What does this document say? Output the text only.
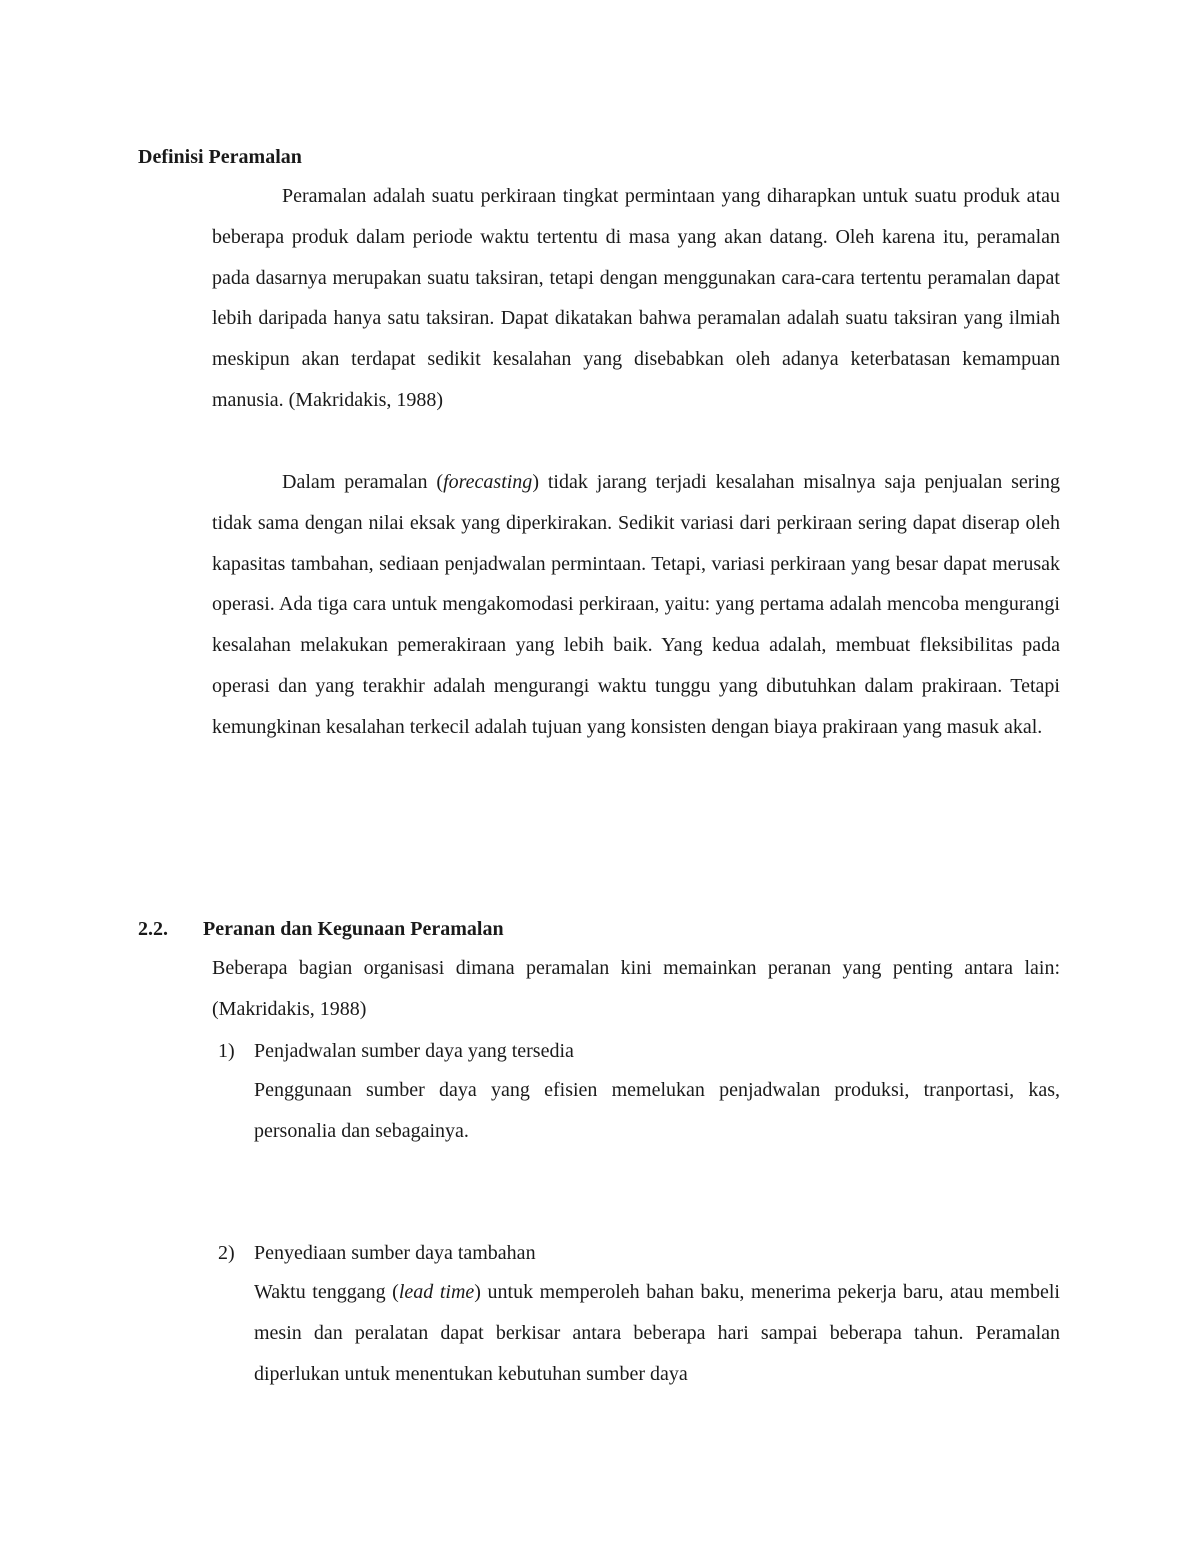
Definisi Peramalan

Peramalan adalah suatu perkiraan tingkat permintaan yang diharapkan untuk suatu produk atau beberapa produk dalam periode waktu tertentu di masa yang akan datang. Oleh karena itu, peramalan pada dasarnya merupakan suatu taksiran, tetapi dengan menggunakan cara-cara tertentu peramalan dapat lebih daripada hanya satu taksiran. Dapat dikatakan bahwa peramalan adalah suatu taksiran yang ilmiah meskipun akan terdapat sedikit kesalahan yang disebabkan oleh adanya keterbatasan kemampuan manusia. (Makridakis, 1988)

Dalam peramalan (forecasting) tidak jarang terjadi kesalahan misalnya saja penjualan sering tidak sama dengan nilai eksak yang diperkirakan. Sedikit variasi dari perkiraan sering dapat diserap oleh kapasitas tambahan, sediaan penjadwalan permintaan. Tetapi, variasi perkiraan yang besar dapat merusak operasi. Ada tiga cara untuk mengakomodasi perkiraan, yaitu: yang pertama adalah mencoba mengurangi kesalahan melakukan pemerakiraan yang lebih baik. Yang kedua adalah, membuat fleksibilitas pada operasi dan yang terakhir adalah mengurangi waktu tunggu yang dibutuhkan dalam prakiraan. Tetapi kemungkinan kesalahan terkecil adalah tujuan yang konsisten dengan biaya prakiraan yang masuk akal.

2.2. Peranan dan Kegunaan Peramalan

Beberapa bagian organisasi dimana peramalan kini memainkan peranan yang penting antara lain: (Makridakis, 1988)

1) Penjadwalan sumber daya yang tersedia

Penggunaan sumber daya yang efisien memelukan penjadwalan produksi, tranportasi, kas, personalia dan sebagainya.

2) Penyediaan sumber daya tambahan

Waktu tenggang (lead time) untuk memperoleh bahan baku, menerima pekerja baru, atau membeli mesin dan peralatan dapat berkisar antara beberapa hari sampai beberapa tahun. Peramalan diperlukan untuk menentukan kebutuhan sumber daya
